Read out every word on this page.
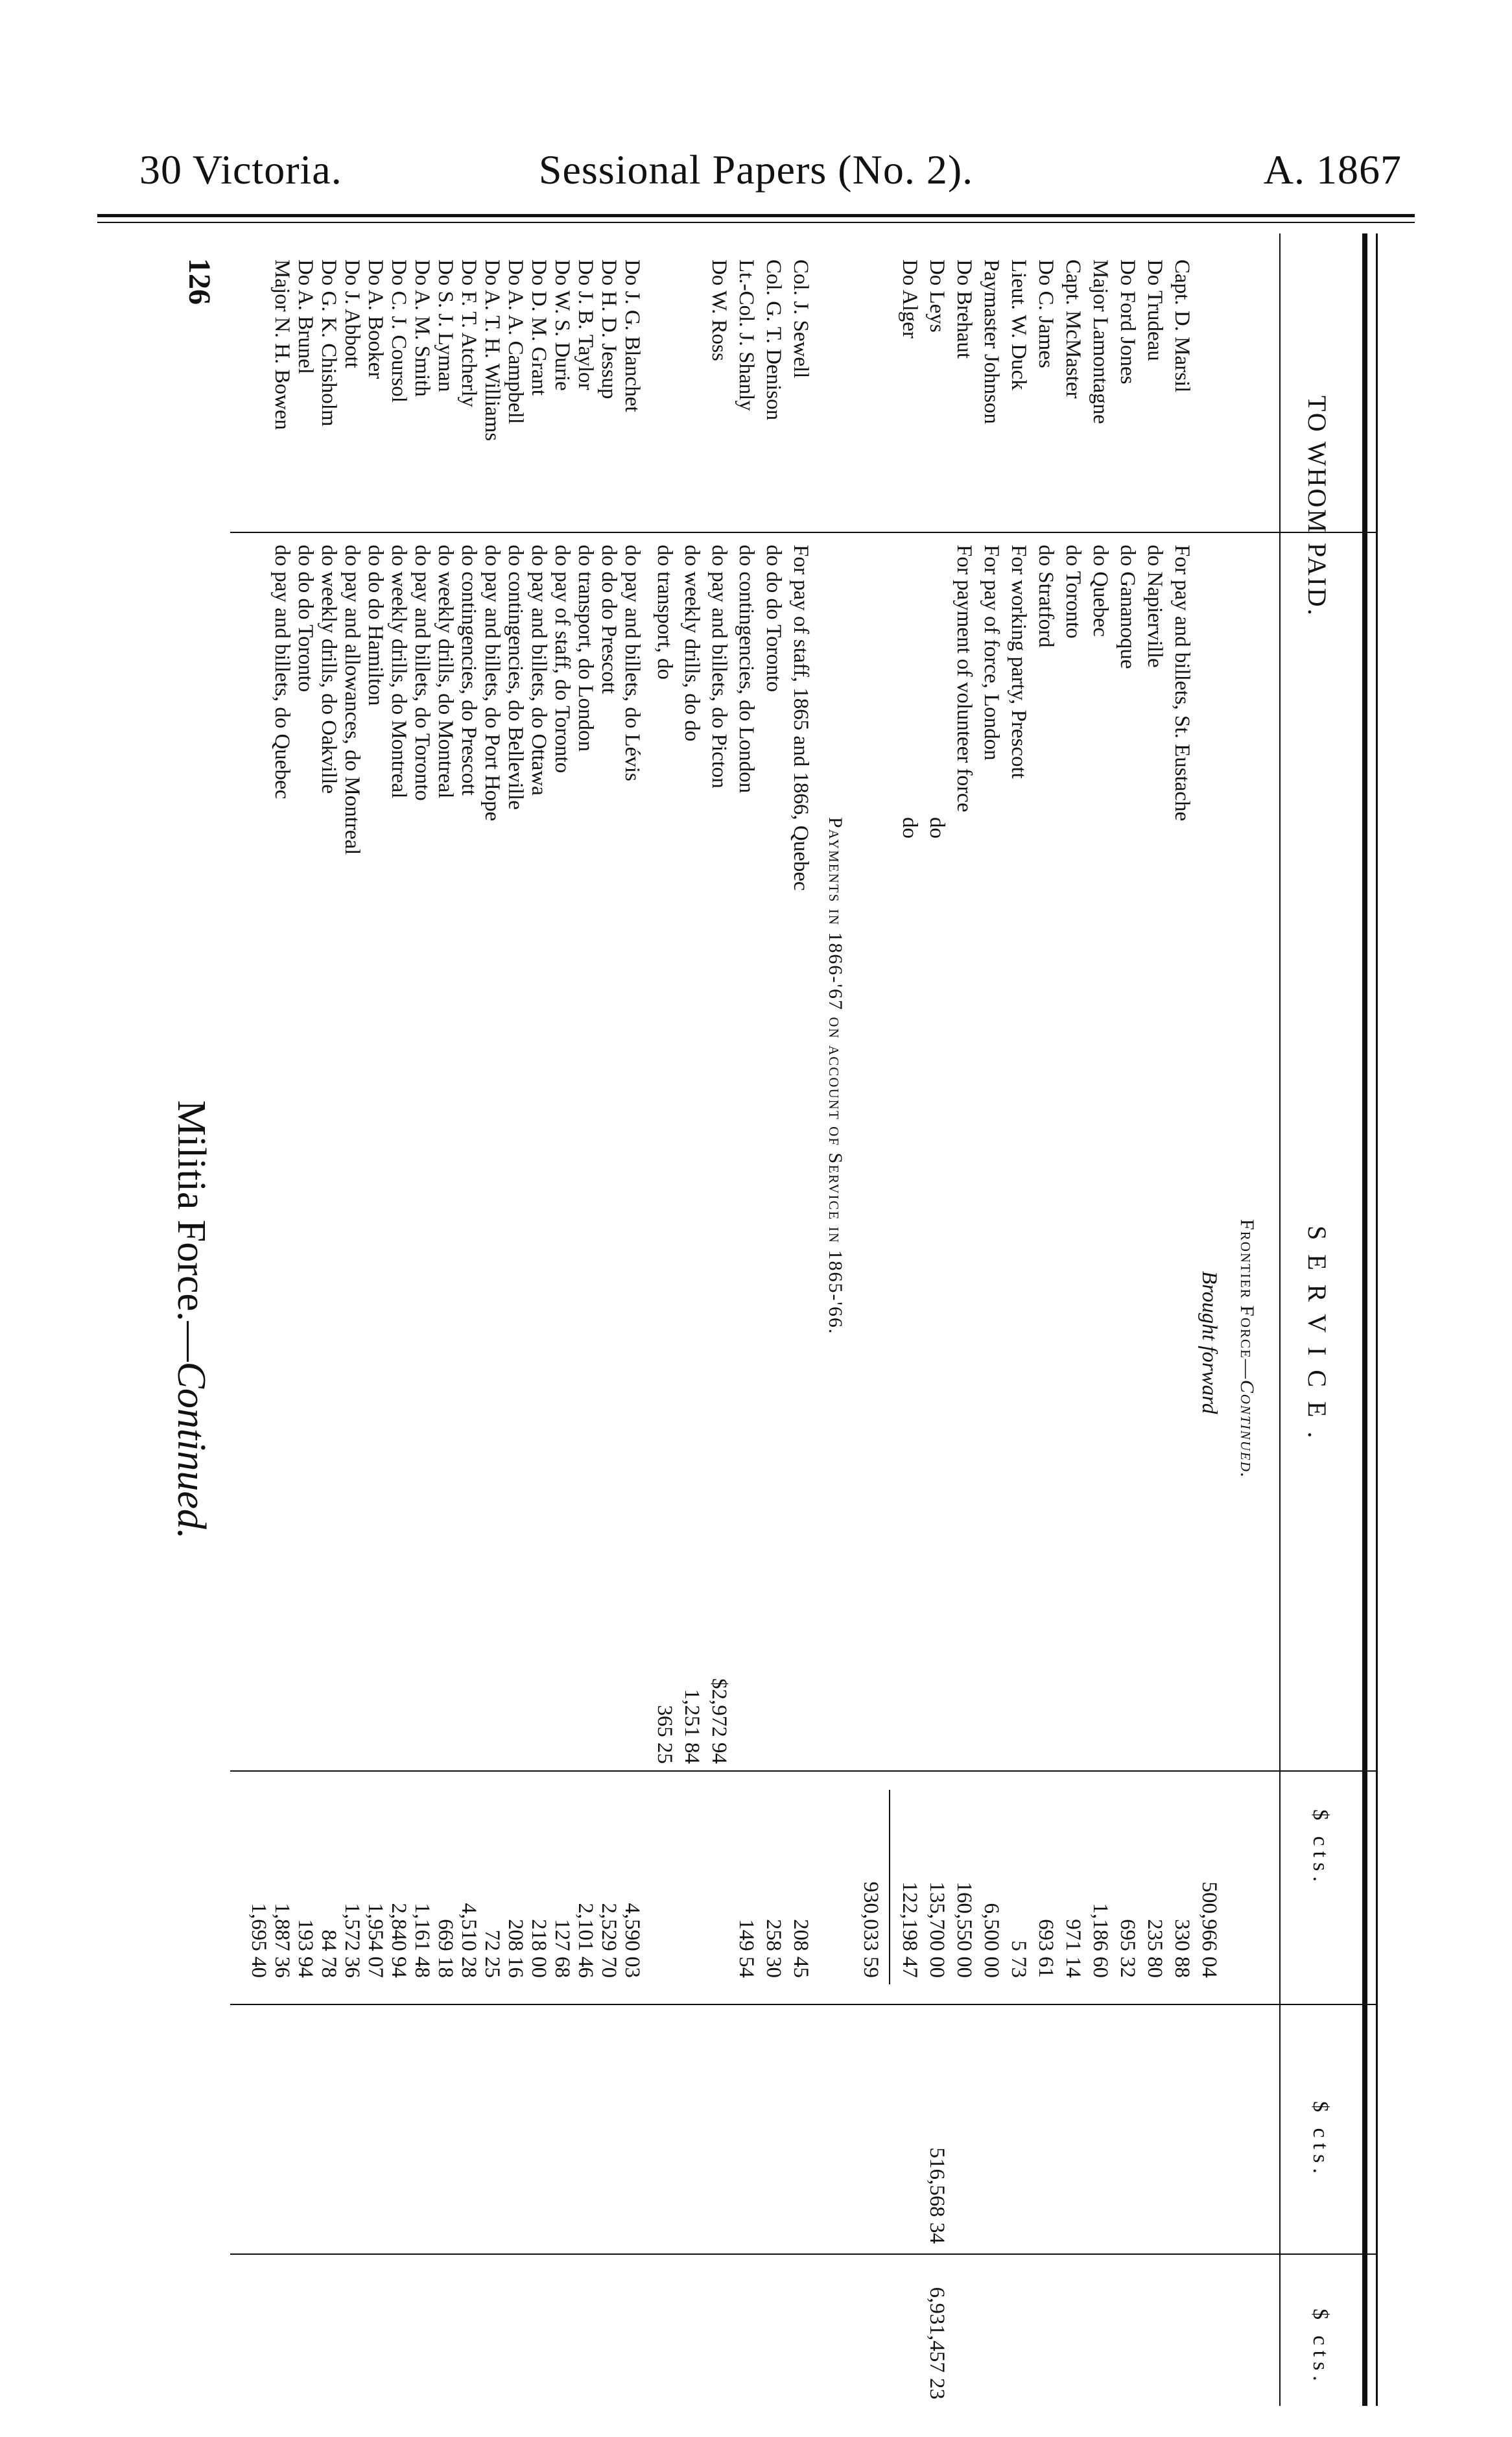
30 Victoria.	Sessional Papers (No. 2).	A. 1867
TO WHOM PAID.
SERVICE.
$ cts.
$ cts.
$ cts.
Frontier Force—Continued.
516,568 34
6,931,457 23
Brought forward
500,966 04
Capt. D. Marsil
For pay and billets, St. Eustache
330 88
Do Trudeau
do Napierville
235 80
Do Ford Jones
do Gananoque
695 32
Major Lamontagne
do Quebec
1,186 60
Capt. McMaster
do Toronto
971 14
Do C. James
do Stratford
693 61
Lieut. W. Duck
For working party, Prescott
5 73
Paymaster Johnson
For pay of force, London
6,500 00
Do Brehaut
For payment of volunteer force
160,550 00
Do Leys
do
135,700 00
Do Alger
do
122,198 47
930,033 59
Payments in 1866-'67 on account of Service in 1865-'66.
Col. J. Sewell
For pay of staff, 1865 and 1866, Quebec
208 45
Col. G. T. Denison
do do do Toronto
258 30
Lt.-Col. J. Shanly
do contingencies, do London
149 54
Do W. Ross
do pay and billets, do Picton
$2,972 94
do weekly drills, do do
1,251 84
do transport, do
365 25
Do J. G. Blanchet
do pay and billets, do Lévis
4,590 03
Do H. D. Jessup
do do do Prescott
2,529 70
Do J. B. Taylor
do transport, do London
2,101 46
Do W. S. Durie
do pay of staff, do Toronto
127 68
Do D. M. Grant
do pay and billets, do Ottawa
218 00
Do A. A. Campbell
do contingencies, do Belleville
208 16
Do A. T. H. Williams
do pay and billets, do Port Hope
72 25
Do F. T. Atcherly
do contingencies, do Prescott
4,510 28
Do S. J. Lyman
do weekly drills, do Montreal
669 18
Do A. M. Smith
do pay and billets, do Toronto
1,161 48
Do C. J. Coursol
do weekly drills, do Montreal
2,840 94
Do A. Booker
do do do Hamilton
1,954 07
Do J. Abbott
do pay and allowances, do Montreal
1,572 36
Do G. K. Chisholm
do weekly drills, do Oakville
84 78
Do A. Brunel
do do do Toronto
193 94
Major N. H. Bowen
do pay and billets, do Quebec
1,887 36
1,695 40
Militia Force.—Continued.
126
